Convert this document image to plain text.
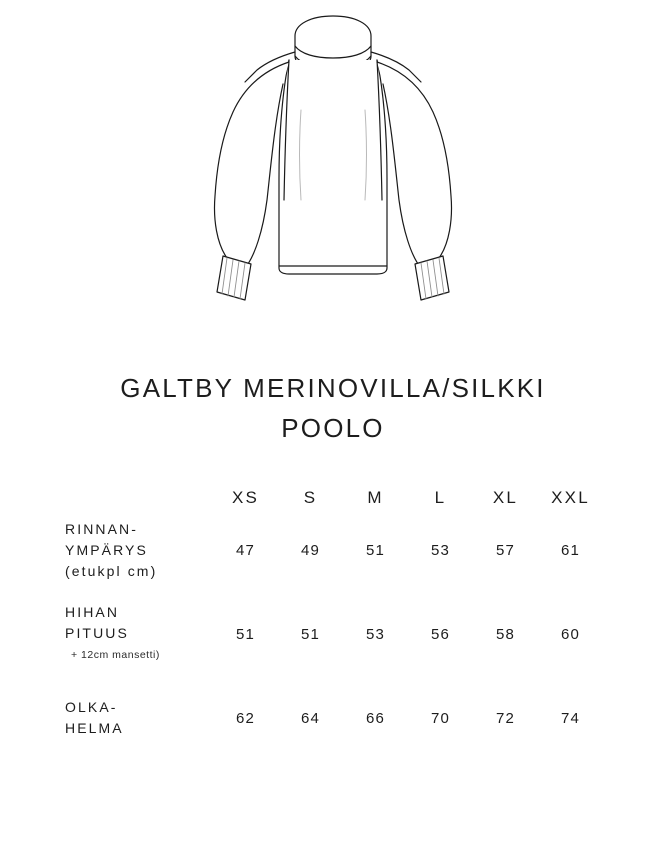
GALTBY MERINOVILLA/SILKKI
POOLO
	XS	S	M	L	XL	XXL
RINNAN-
YMPÄRYS
(etukpl cm)	47	49	51	53	57	61
HIHAN
PITUUS
+ 12cm mansetti)	51	51	53	56	58	60
OLKA-
HELMA	62	64	66	70	72	74
